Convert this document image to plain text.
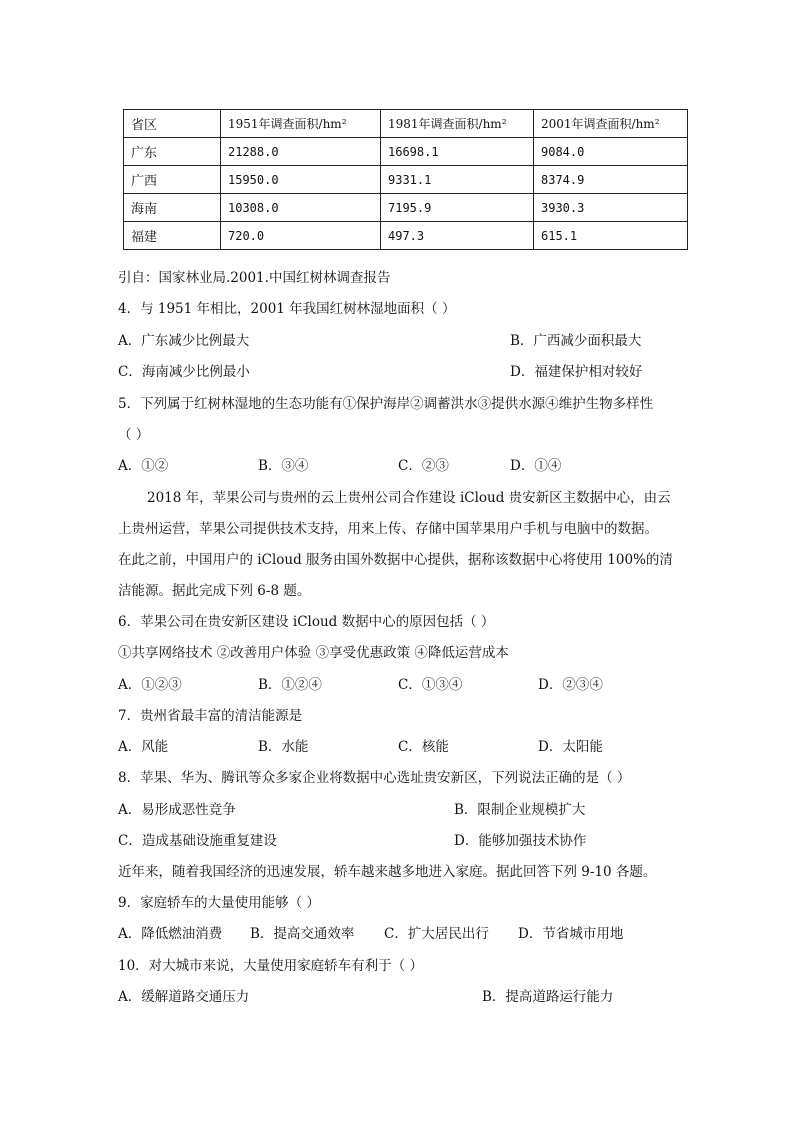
省区	1951年调查面积/hm²	1981年调查面积/hm²	2001年调查面积/hm²
广东	21288.0	16698.1	9084.0
广西	15950.0	9331.1	8374.9
海南	10308.0	7195.9	3930.3
福建	720.0	497.3	615.1
引自：国家林业局.2001.中国红树林调查报告
4．与 1951 年相比，2001 年我国红树林湿地面积（ ）
A．广东减少比例最大	B．广西减少面积最大
C．海南减少比例最小	D．福建保护相对较好
5．下列属于红树林湿地的生态功能有①保护海岸②调蓄洪水③提供水源④维护生物多样性
（ ）
A．①②	B．③④	C．②③	D．①④
2018 年，苹果公司与贵州的云上贵州公司合作建设 iCloud 贵安新区主数据中心，由云
上贵州运营，苹果公司提供技术支持，用来上传、存储中国苹果用户手机与电脑中的数据。
在此之前，中国用户的 iCloud 服务由国外数据中心提供，据称该数据中心将使用 100%的清
洁能源。据此完成下列 6-8 题。
6．苹果公司在贵安新区建设 iCloud 数据中心的原因包括（ ）
①共享网络技术 ②改善用户体验 ③享受优惠政策 ④降低运营成本
A．①②③	B．①②④	C．①③④	D．②③④
7．贵州省最丰富的清洁能源是
A．风能	B．水能	C．核能	D．太阳能
8．苹果、华为、腾讯等众多家企业将数据中心选址贵安新区，下列说法正确的是（ ）
A．易形成恶性竞争	B．限制企业规模扩大
C．造成基础设施重复建设	D．能够加强技术协作
近年来，随着我国经济的迅速发展，轿车越来越多地进入家庭。据此回答下列 9-10 各题。
9．家庭轿车的大量使用能够（ ）
A．降低燃油消费 B．提高交通效率 C．扩大居民出行 D．节省城市用地
10．对大城市来说，大量使用家庭轿车有利于（ ）
A．缓解道路交通压力	B．提高道路运行能力
